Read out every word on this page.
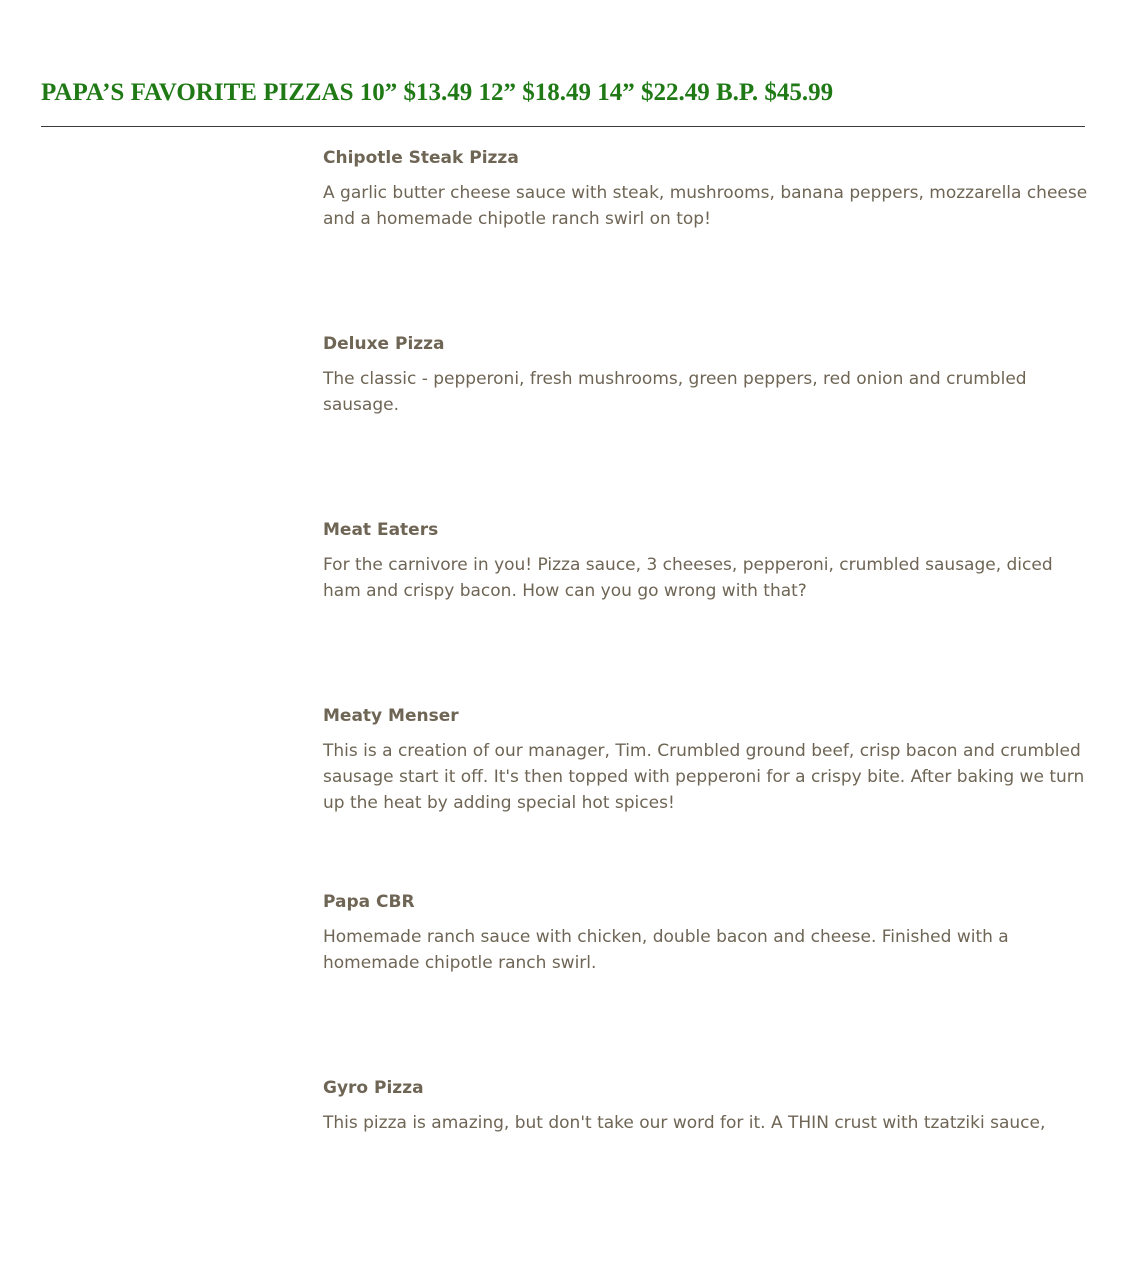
PAPA’S FAVORITE PIZZAS 10” $13.49 12” $18.49 14” $22.49 B.P. $45.99
Chipotle Steak Pizza
A garlic butter cheese sauce with steak, mushrooms, banana peppers, mozzarella cheese and a homemade chipotle ranch swirl on top!
Deluxe Pizza
The classic - pepperoni, fresh mushrooms, green peppers, red onion and crumbled sausage.
Meat Eaters
For the carnivore in you! Pizza sauce, 3 cheeses, pepperoni, crumbled sausage, diced ham and crispy bacon. How can you go wrong with that?
Meaty Menser
This is a creation of our manager, Tim. Crumbled ground beef, crisp bacon and crumbled sausage start it off. It's then topped with pepperoni for a crispy bite. After baking we turn up the heat by adding special hot spices!
Papa CBR
Homemade ranch sauce with chicken, double bacon and cheese. Finished with a homemade chipotle ranch swirl.
Gyro Pizza
This pizza is amazing, but don't take our word for it. A THIN crust with tzatziki sauce,
